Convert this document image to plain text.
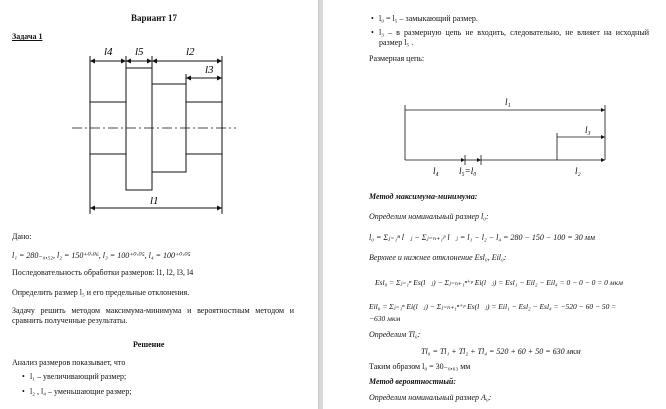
Вариант 17
Задача 1
l4 l5	l2
l3
l1
Дано:
l₁ = 280₋₀,₅₂, l₂ = 150⁺⁰·⁰⁶, l₃ = 100⁺⁰·⁰⁵, l₄ = 100⁺⁰·⁰⁵
Последовательность обработки размеров: l1, l2, l3, l4
Определить размер l₅ и его предельные отклонения.
Задачу решить методом максимума-минимума и вероятностным методом и сравнить полученные результаты.
Решение
Анализ размеров показывает, что
• l₁ – увеличивающий размер;
• l₂ , l₄ – уменьшающие размер;
• l₀ = l₅ – замыкающий размер.
• l₃ – в размерную цепь не входить, следовательно, не влияет на исходный размер l₅ .
Размерная цепь:
l₁
l₃
l₄ l₅=l₀	l₂
Метод максимума-минимума:
Определим номинальный размер l₀:
l₀ = Σⱼ₌₁ⁿ l⃗ⱼ − Σⱼ₌ₙ₊₁ᵖ l⃖ⱼ = l₁ − l₂ − l₄ = 280 − 150 − 100 = 30 мм
Верхнее и нижнее отклонение Esl₀, Eil₀:
Esl₀ = Σⱼ₌₁ⁿ Es(l⃗ⱼ) − Σⱼ₌ₙ₊₁ⁿ⁺ᵖ Ei(l⃖ⱼ) = Esl₁ − Eil₂ − Eil₄ = 0 − 0 − 0 = 0 мкм
Eil₀ = Σⱼ₌₁ⁿ Ei(l⃗ⱼ) − Σⱼ₌ₙ₊₁ⁿ⁺ᵖ Es(l⃖ⱼ) = Eil₁ − Esl₂ − Esl₄ = −520 − 60 − 50 =
−630 мкм
Определим Tl₀:
Tl₀ = Tl₁ + Tl₂ + Tl₄ = 520 + 60 + 50 = 630 мкм
Таким образом l₀ = 30₋₀,₆₃ мм
Метод вероятностный:
Определим номинальный размер A₀:
